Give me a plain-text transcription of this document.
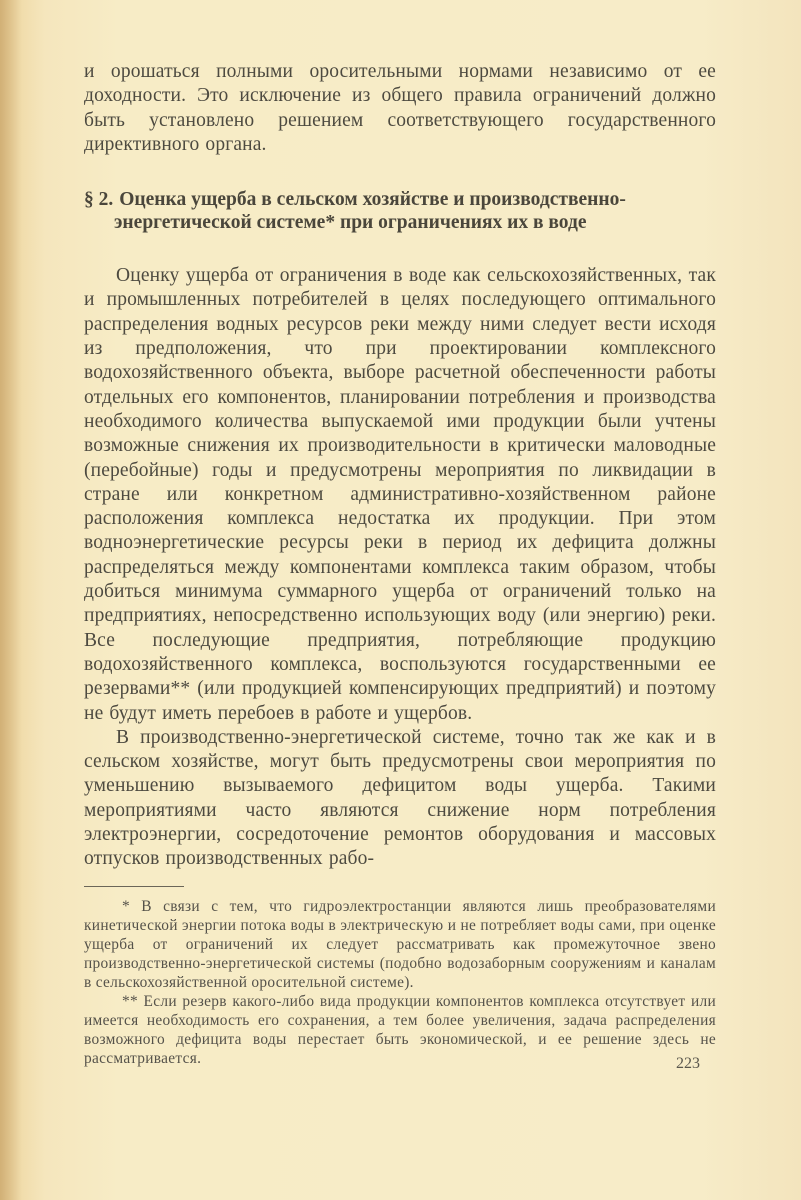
и орошаться полными оросительными нормами независимо от ее доходности. Это исключение из общего правила ограничений должно быть установлено решением соответствующего государственного директивного органа.

§ 2. Оценка ущерба в сельском хозяйстве и производственно-
энергетической системе* при ограничениях их в воде

Оценку ущерба от ограничения в воде как сельскохозяйственных, так и промышленных потребителей в целях последующего оптимального распределения водных ресурсов реки между ними следует вести исходя из предположения, что при проектировании комплексного водохозяйственного объекта, выборе расчетной обеспеченности работы отдельных его компонентов, планировании потребления и производства необходимого количества выпускаемой ими продукции были учтены возможные снижения их производительности в критически маловодные (перебойные) годы и предусмотрены мероприятия по ликвидации в стране или конкретном административно-хозяйственном районе расположения комплекса недостатка их продукции. При этом водноэнергетические ресурсы реки в период их дефицита должны распределяться между компонентами комплекса таким образом, чтобы добиться минимума суммарного ущерба от ограничений только на предприятиях, непосредственно использующих воду (или энергию) реки. Все последующие предприятия, потребляющие продукцию водохозяйственного комплекса, воспользуются государственными ее резервами** (или продукцией компенсирующих предприятий) и поэтому не будут иметь перебоев в работе и ущербов.

В производственно-энергетической системе, точно так же как и в сельском хозяйстве, могут быть предусмотрены свои мероприятия по уменьшению вызываемого дефицитом воды ущерба. Такими мероприятиями часто являются снижение норм потребления электроэнергии, сосредоточение ремонтов оборудования и массовых отпусков производственных рабо-

* В связи с тем, что гидроэлектростанции являются лишь преобразователями кинетической энергии потока воды в электрическую и не потребляет воды сами, при оценке ущерба от ограничений их следует рассматривать как промежуточное звено производственно-энергетической системы (подобно водозаборным сооружениям и каналам в сельскохозяйственной оросительной системе).

** Если резерв какого-либо вида продукции компонентов комплекса отсутствует или имеется необходимость его сохранения, а тем более увеличения, задача распределения возможного дефицита воды перестает быть экономической, и ее решение здесь не рассматривается.	223
